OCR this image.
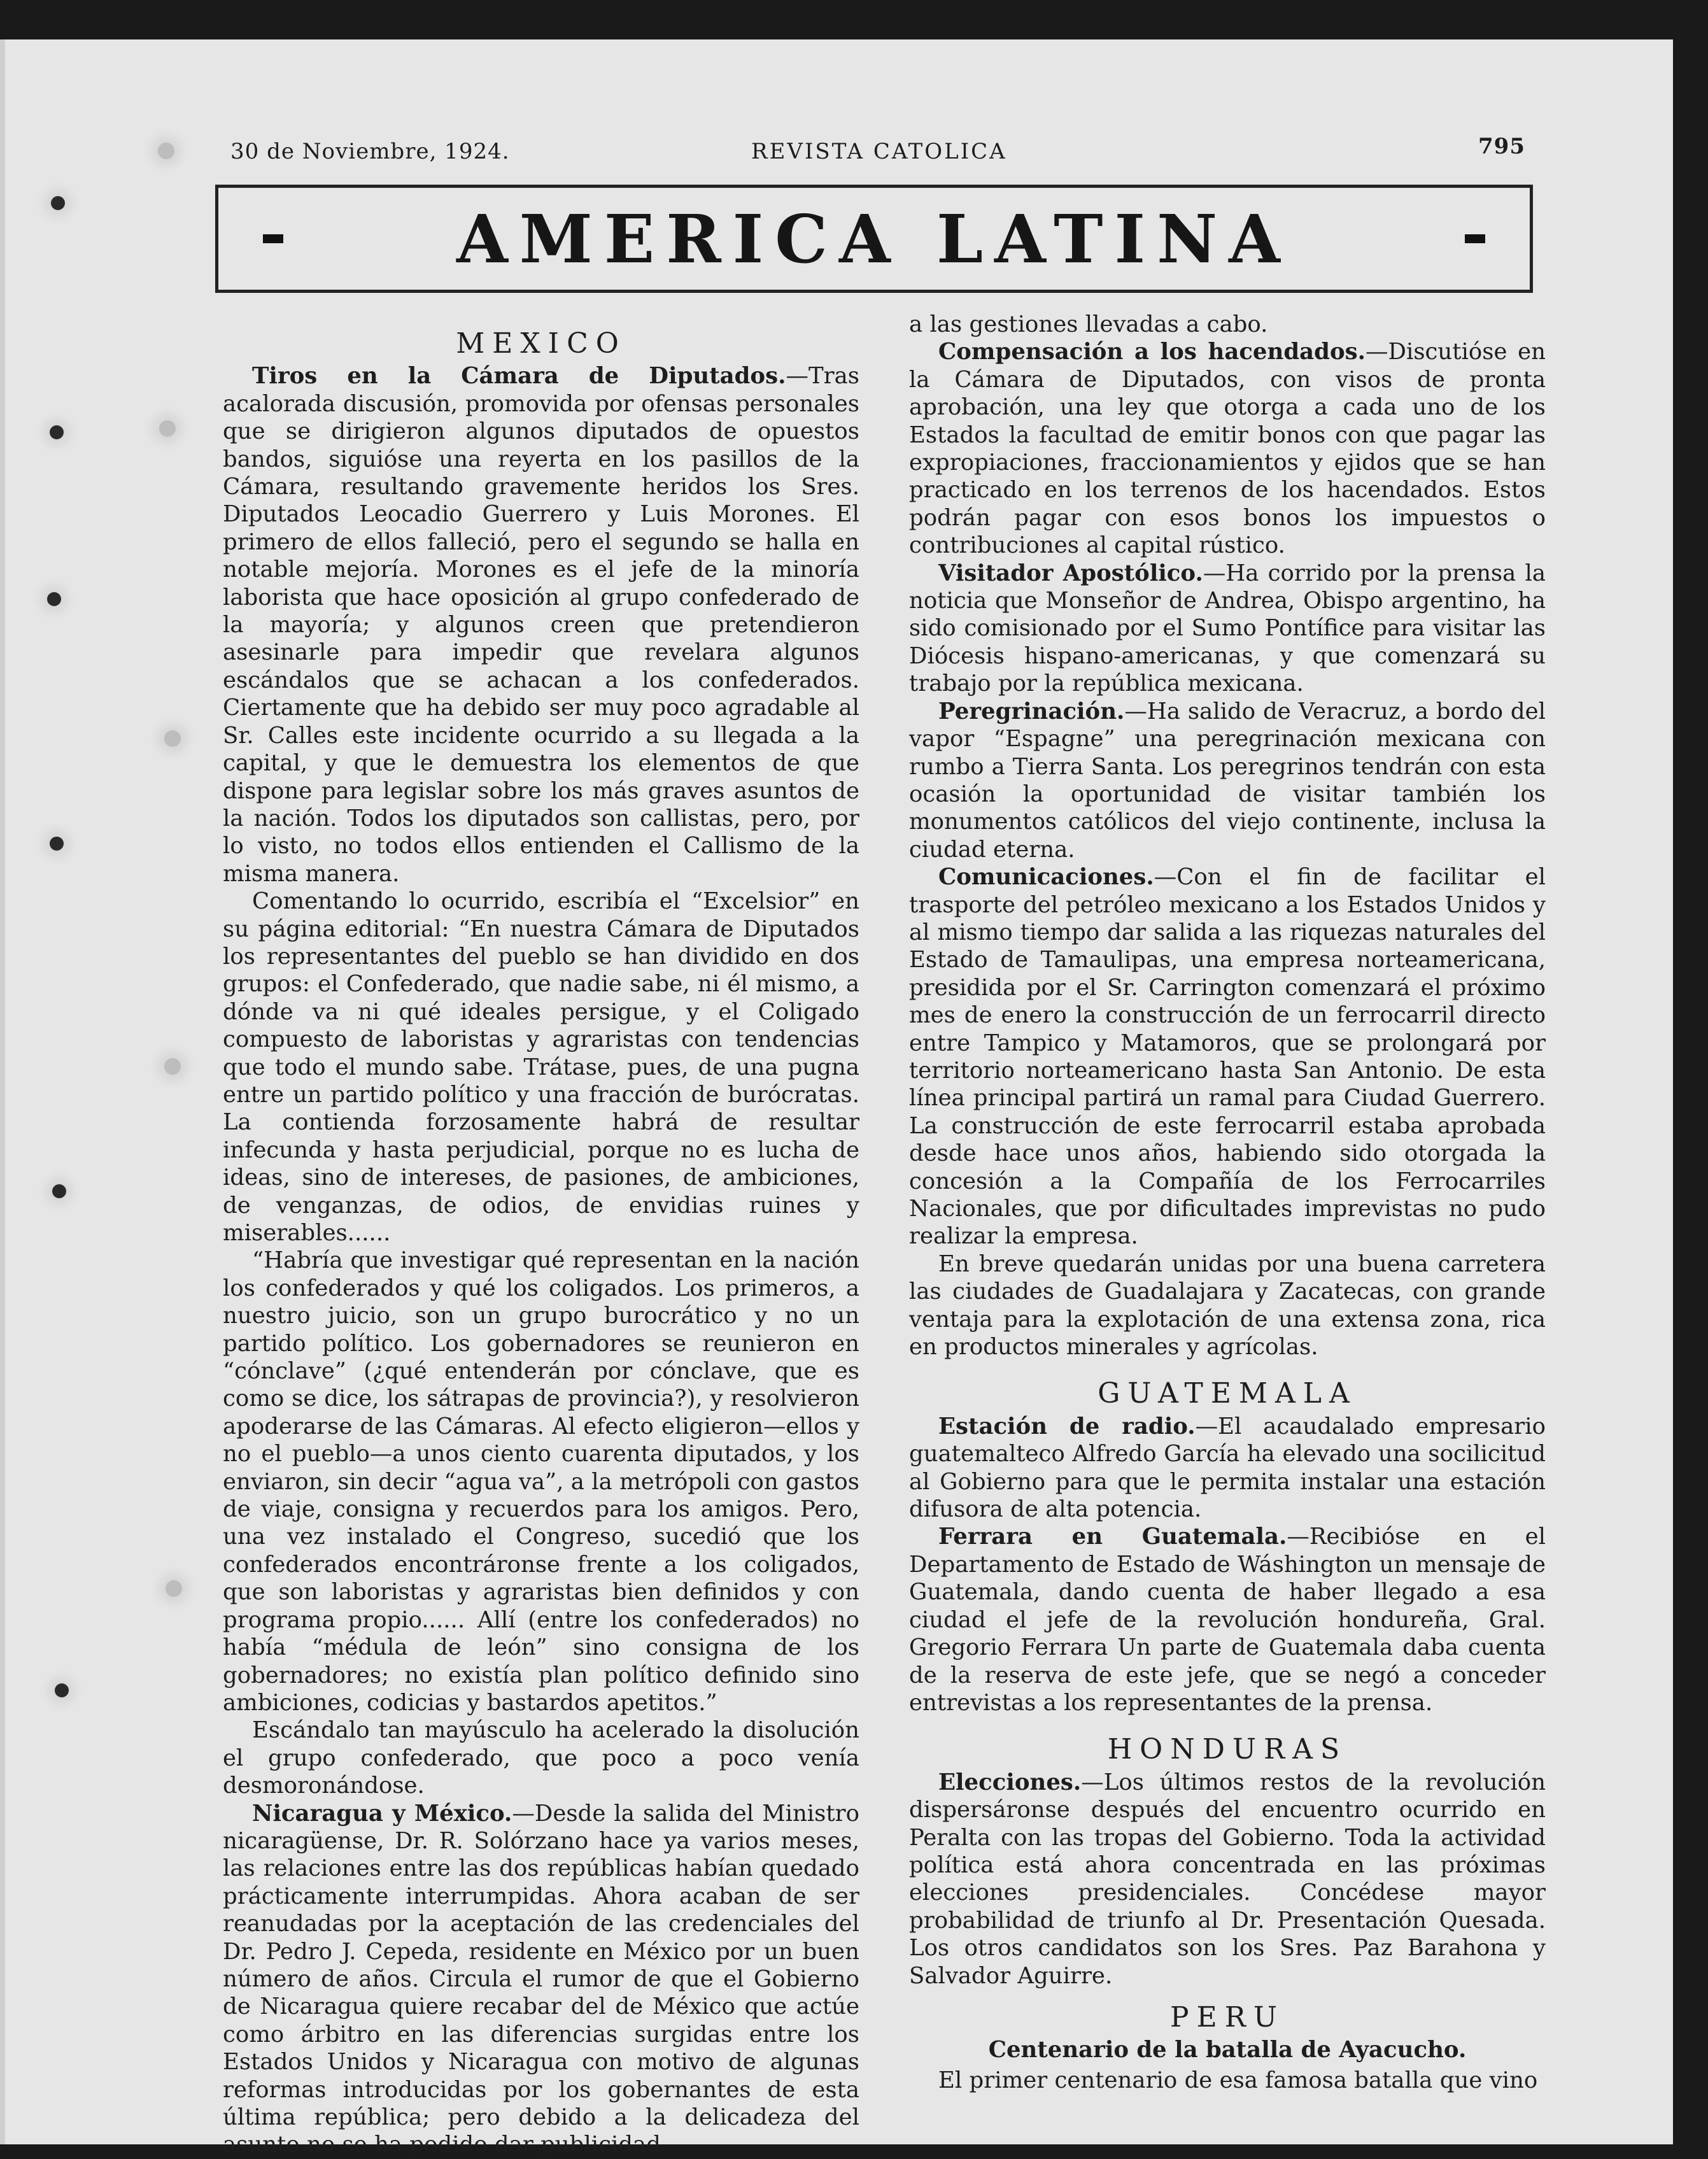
30 de Noviembre, 1924.	REVISTA CATOLICA	795
AMERICA LATINA
MEXICO

Tiros en la Cámara de Diputados.—Tras acalorada discusión, promovida por ofensas personales que se dirigieron algunos diputados de opuestos bandos, siguióse una reyerta en los pasillos de la Cámara, resultando gravemente heridos los Sres. Diputados Leocadio Guerrero y Luis Morones. El primero de ellos falleció, pero el segundo se halla en notable mejoría. Morones es el jefe de la minoría laborista que hace oposición al grupo confederado de la mayoría; y algunos creen que pretendieron asesinarle para impedir que revelara algunos escándalos que se achacan a los confederados. Ciertamente que ha debido ser muy poco agradable al Sr. Calles este incidente ocurrido a su llegada a la capital, y que le demuestra los elementos de que dispone para legislar sobre los más graves asuntos de la nación. Todos los diputados son callistas, pero, por lo visto, no todos ellos entienden el Callismo de la misma manera.

Comentando lo ocurrido, escribía el “Excelsior” en su página editorial: “En nuestra Cámara de Diputados los representantes del pueblo se han dividido en dos grupos: el Confederado, que nadie sabe, ni él mismo, a dónde va ni qué ideales persigue, y el Coligado compuesto de laboristas y agraristas con tendencias que todo el mundo sabe. Trátase, pues, de una pugna entre un partido político y una fracción de burócratas. La contienda forzosamente habrá de resultar infecunda y hasta perjudicial, porque no es lucha de ideas, sino de intereses, de pasiones, de ambiciones, de venganzas, de odios, de envidias ruines y miserables......

“Habría que investigar qué representan en la nación los confederados y qué los coligados. Los primeros, a nuestro juicio, son un grupo burocrático y no un partido político. Los gobernadores se reunieron en “cónclave” (¿qué entenderán por cónclave, que es como se dice, los sátrapas de provincia?), y resolvieron apoderarse de las Cámaras. Al efecto eligieron—ellos y no el pueblo—a unos ciento cuarenta diputados, y los enviaron, sin decir “agua va”, a la metrópoli con gastos de viaje, consigna y recuerdos para los amigos. Pero, una vez instalado el Congreso, sucedió que los confederados encontráronse frente a los coligados, que son laboristas y agraristas bien definidos y con programa propio...... Allí (entre los confederados) no había “médula de león” sino consigna de los gobernadores; no existía plan político definido sino ambiciones, codicias y bastardos apetitos.”

Escándalo tan mayúsculo ha acelerado la disolución el grupo confederado, que poco a poco venía desmoronándose.

Nicaragua y México.—Desde la salida del Ministro nicaragüense, Dr. R. Solórzano hace ya varios meses, las relaciones entre las dos repúblicas habían quedado prácticamente interrumpidas. Ahora acaban de ser reanudadas por la aceptación de las credenciales del Dr. Pedro J. Cepeda, residente en México por un buen número de años. Circula el rumor de que el Gobierno de Nicaragua quiere recabar del de México que actúe como árbitro en las diferencias surgidas entre los Estados Unidos y Nicaragua con motivo de algunas reformas introducidas por los gobernantes de esta última república; pero debido a la delicadeza del asunto no se ha podido dar publicidad

a las gestiones llevadas a cabo.

Compensación a los hacendados.—Discutióse en la Cámara de Diputados, con visos de pronta aprobación, una ley que otorga a cada uno de los Estados la facultad de emitir bonos con que pagar las expropiaciones, fraccionamientos y ejidos que se han practicado en los terrenos de los hacendados. Estos podrán pagar con esos bonos los impuestos o contribuciones al capital rústico.

Visitador Apostólico.—Ha corrido por la prensa la noticia que Monseñor de Andrea, Obispo argentino, ha sido comisionado por el Sumo Pontífice para visitar las Diócesis hispano-americanas, y que comenzará su trabajo por la república mexicana.

Peregrinación.—Ha salido de Veracruz, a bordo del vapor “Espagne” una peregrinación mexicana con rumbo a Tierra Santa. Los peregrinos tendrán con esta ocasión la oportunidad de visitar también los monumentos católicos del viejo continente, inclusa la ciudad eterna.

Comunicaciones.—Con el fin de facilitar el trasporte del petróleo mexicano a los Estados Unidos y al mismo tiempo dar salida a las riquezas naturales del Estado de Tamaulipas, una empresa norteamericana, presidida por el Sr. Carrington comenzará el próximo mes de enero la construcción de un ferrocarril directo entre Tampico y Matamoros, que se prolongará por territorio norteamericano hasta San Antonio. De esta línea principal partirá un ramal para Ciudad Guerrero. La construcción de este ferrocarril estaba aprobada desde hace unos años, habiendo sido otorgada la concesión a la Compañía de los Ferrocarriles Nacionales, que por dificultades imprevistas no pudo realizar la empresa.

En breve quedarán unidas por una buena carretera las ciudades de Guadalajara y Zacatecas, con grande ventaja para la explotación de una extensa zona, rica en productos minerales y agrícolas.

GUATEMALA

Estación de radio.—El acaudalado empresario guatemalteco Alfredo García ha elevado una socilicitud al Gobierno para que le permita instalar una estación difusora de alta potencia.

Ferrara en Guatemala.—Recibióse en el Departamento de Estado de Wáshington un mensaje de Guatemala, dando cuenta de haber llegado a esa ciudad el jefe de la revolución hondureña, Gral. Gregorio Ferrara Un parte de Guatemala daba cuenta de la reserva de este jefe, que se negó a conceder entrevistas a los representantes de la prensa.

HONDURAS

Elecciones.—Los últimos restos de la revolución dispersáronse después del encuentro ocurrido en Peralta con las tropas del Gobierno. Toda la actividad política está ahora concentrada en las próximas elecciones presidenciales. Concédese mayor probabilidad de triunfo al Dr. Presentación Quesada. Los otros candidatos son los Sres. Paz Barahona y Salvador Aguirre.

PERU
Centenario de la batalla de Ayacucho.

El primer centenario de esa famosa batalla que vino
